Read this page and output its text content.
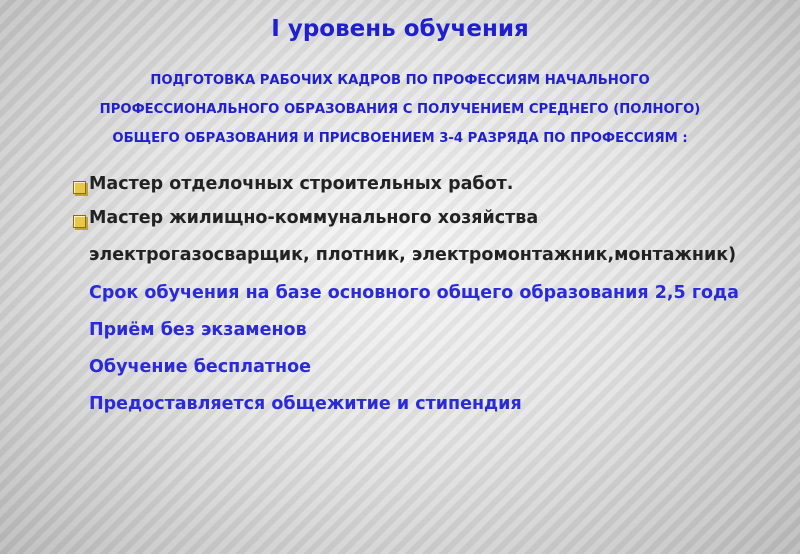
I уровень обучения
ПОДГОТОВКА РАБОЧИХ КАДРОВ ПО ПРОФЕССИЯМ НАЧАЛЬНОГО
ПРОФЕССИОНАЛЬНОГО ОБРАЗОВАНИЯ С ПОЛУЧЕНИЕМ СРЕДНЕГО (ПОЛНОГО)
ОБЩЕГО ОБРАЗОВАНИЯ И ПРИСВОЕНИЕМ 3-4 РАЗРЯДА ПО ПРОФЕССИЯМ :
Мастер отделочных строительных работ.
Мастер жилищно-коммунального хозяйства
электрогазосварщик, плотник, электромонтажник,монтажник)
Срок обучения на базе основного общего образования 2,5 года
Приём без экзаменов
Обучение бесплатное
Предоставляется общежитие и стипендия
